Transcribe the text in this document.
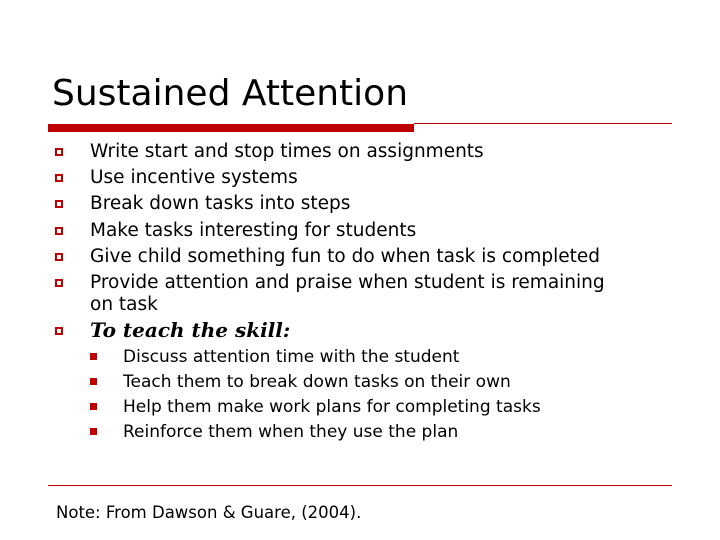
Sustained Attention
Write start and stop times on assignments
Use incentive systems
Break down tasks into steps
Make tasks interesting for students
Give child something fun to do when task is completed
Provide attention and praise when student is remaining
on task
To teach the skill:
Discuss attention time with the student
Teach them to break down tasks on their own
Help them make work plans for completing tasks
Reinforce them when they use the plan
Note: From Dawson & Guare, (2004).
